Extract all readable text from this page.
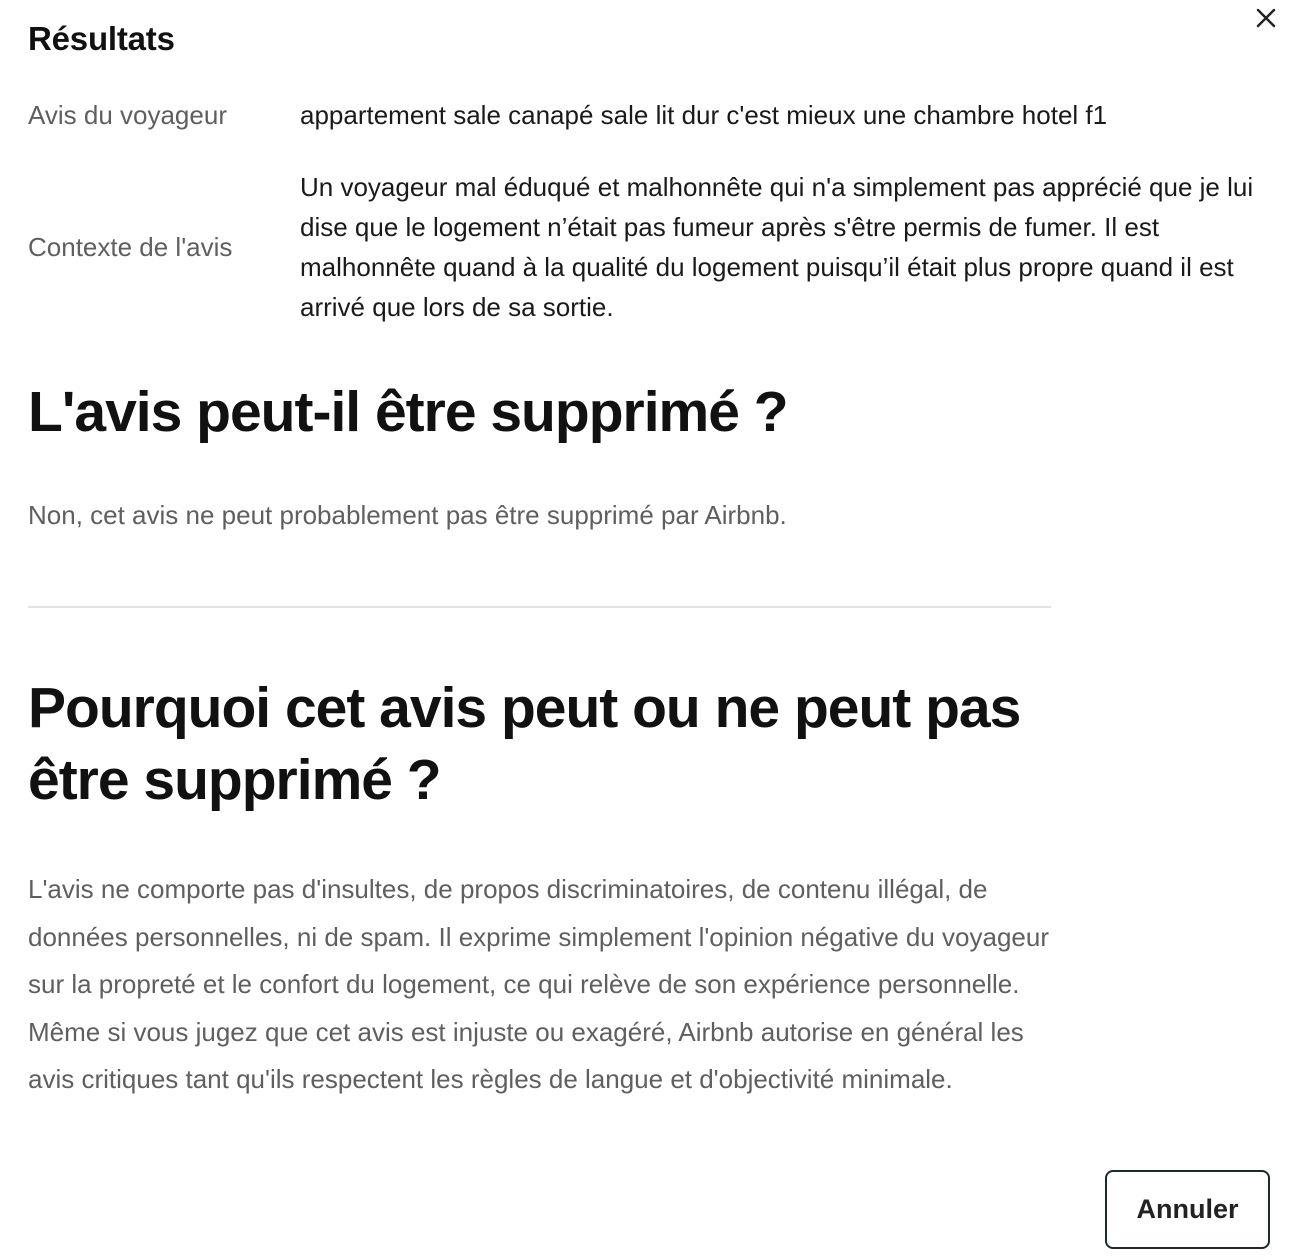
Résultats
Avis du voyageur	appartement sale canapé sale lit dur c'est mieux une chambre hotel f1
Contexte de l'avis
Un voyageur mal éduqué et malhonnête qui n'a simplement pas apprécié que je lui dise que le logement n’était pas fumeur après s'être permis de fumer. Il est malhonnête quand à la qualité du logement puisqu’il était plus propre quand il est arrivé que lors de sa sortie.
L'avis peut-il être supprimé ?
Non, cet avis ne peut probablement pas être supprimé par Airbnb.
Pourquoi cet avis peut ou ne peut pas être supprimé ?

L'avis ne comporte pas d'insultes, de propos discriminatoires, de contenu illégal, de données personnelles, ni de spam. Il exprime simplement l'opinion négative du voyageur sur la propreté et le confort du logement, ce qui relève de son expérience personnelle. Même si vous jugez que cet avis est injuste ou exagéré, Airbnb autorise en général les avis critiques tant qu'ils respectent les règles de langue et d'objectivité minimale.

Annuler
